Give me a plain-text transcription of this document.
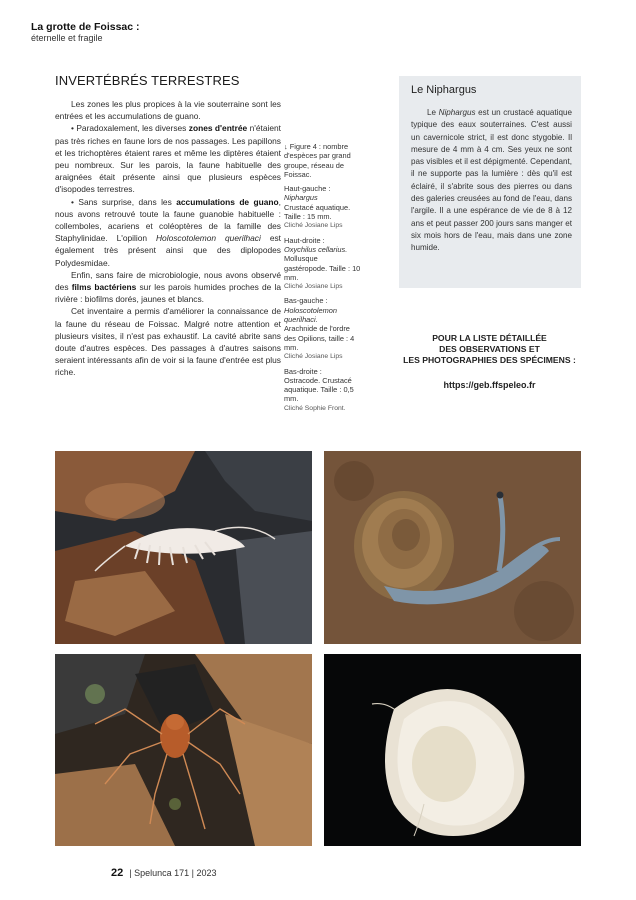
La grotte de Foissac :
éternelle et fragile
INVERTÉBRÉS TERRESTRES

Les zones les plus propices à la vie souterraine sont les entrées et les accumulations de guano.

• Paradoxalement, les diverses zones d'entrée n'étaient pas très riches en faune lors de nos passages. Les papillons et les trichoptères étaient rares et même les diptères étaient peu nombreux. Sur les parois, la faune habituelle des araignées était présente ainsi que plusieurs espèces d'isopodes terrestres.

• Sans surprise, dans les accumulations de guano, nous avons retrouvé toute la faune guanobie habituelle : collemboles, acariens et coléoptères de la famille des Staphylinidae. L'opilion Holoscotolemon querilhaci est également très présent ainsi que des diplopodes Polydesmidae.

Enfin, sans faire de microbiologie, nous avons observé des films bactériens sur les parois humides proches de la rivière : biofilms dorés, jaunes et blancs.

Cet inventaire a permis d'améliorer la connaissance de la faune du réseau de Foissac. Malgré notre attention et plusieurs visites, il n'est pas exhaustif. La cavité abrite sans doute d'autres espèces. Des passages à d'autres saisons seraient intéressants afin de voir si la faune d'entrée est plus riche.

↓ Figure 4 : nombre d'espèces par grand groupe, réseau de Foissac.
Haut-gauche :
Niphargus
Crustacé aquatique. Taille : 15 mm.
Cliché Josiane Lips
Haut-droite :
Oxychilus cellarius.
Mollusque gastéropode. Taille : 10 mm.
Cliché Josiane Lips
Bas-gauche :
Holoscotolemon querilhaci.
Arachnide de l'ordre des Opilions, taille : 4 mm.
Cliché Josiane Lips
Bas-droite :
Ostracode. Crustacé aquatique. Taille : 0,5 mm.
Cliché Sophie Front.
Le Niphargus

Le Niphargus est un crustacé aquatique typique des eaux souterraines. C'est aussi un cavernicole strict, il est donc stygobie. Il mesure de 4 mm à 4 cm. Ses yeux ne sont pas visibles et il est dépigmenté. Cependant, il ne supporte pas la lumière : dès qu'il est éclairé, il s'abrite sous des pierres ou dans des galeries creusées au fond de l'eau, dans l'argile. Il a une espérance de vie de 8 à 12 ans et peut passer 200 jours sans manger et six mois hors de l'eau, mais dans une zone humide.

POUR LA LISTE DÉTAILLÉE
DES OBSERVATIONS ET
LES PHOTOGRAPHIES DES SPÉCIMENS :
https://geb.ffspeleo.fr
22 | Spelunca 171 | 2023
